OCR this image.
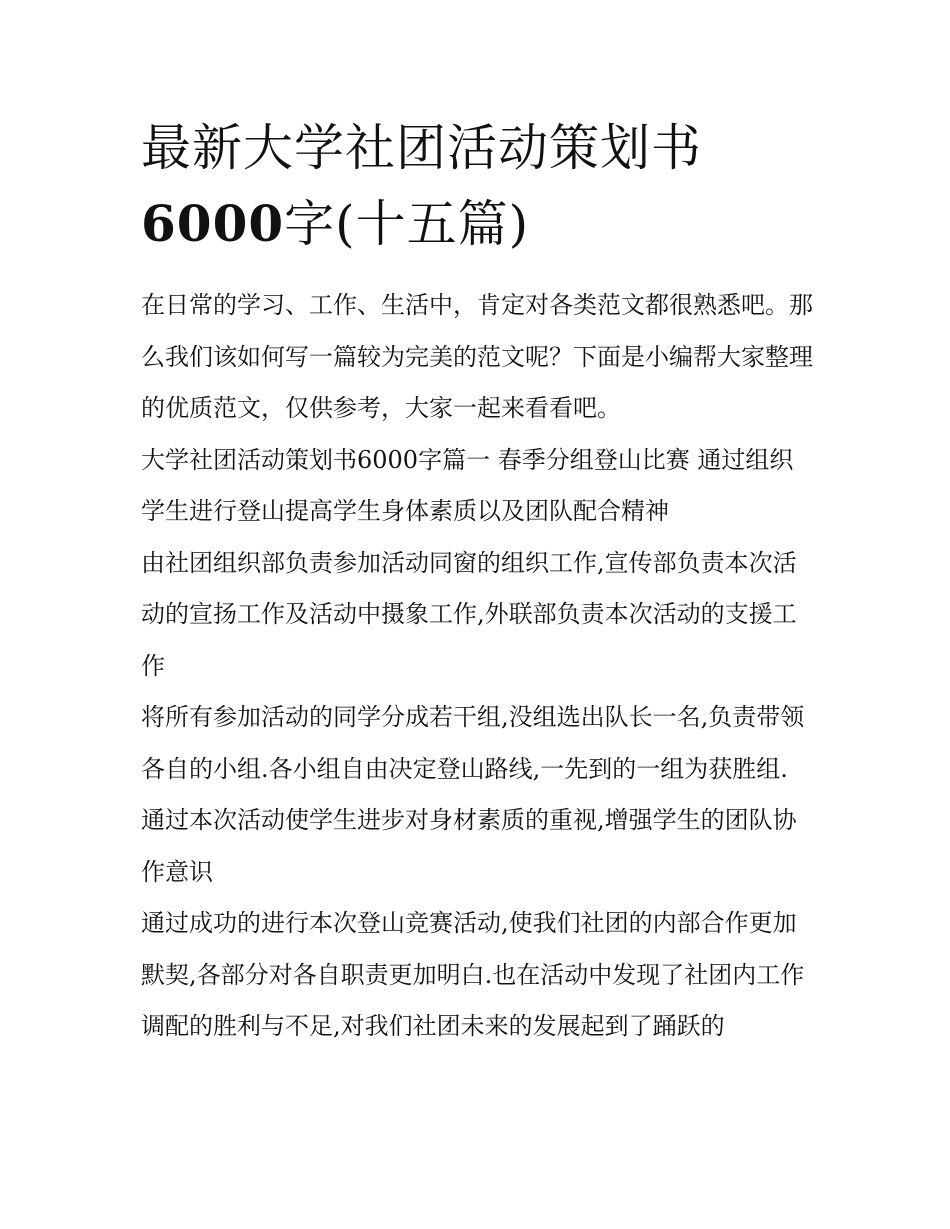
最新大学社团活动策划书6000字(十五篇)

在日常的学习、工作、生活中，肯定对各类范文都很熟悉吧。那么我们该如何写一篇较为完美的范文呢？下面是小编帮大家整理的优质范文，仅供参考，大家一起来看看吧。

大学社团活动策划书6000字篇一 春季分组登山比赛 通过组织学生进行登山提高学生身体素质以及团队配合精神

由社团组织部负责参加活动同窗的组织工作,宣传部负责本次活动的宣扬工作及活动中摄象工作,外联部负责本次活动的支援工作

将所有参加活动的同学分成若干组,没组选出队长一名,负责带领各自的小组.各小组自由决定登山路线,一先到的一组为获胜组.

通过本次活动使学生进步对身材素质的重视,增强学生的团队协作意识

通过成功的进行本次登山竞赛活动,使我们社团的内部合作更加默契,各部分对各自职责更加明白.也在活动中发现了社团内工作调配的胜利与不足,对我们社团未来的发展起到了踊跃的
